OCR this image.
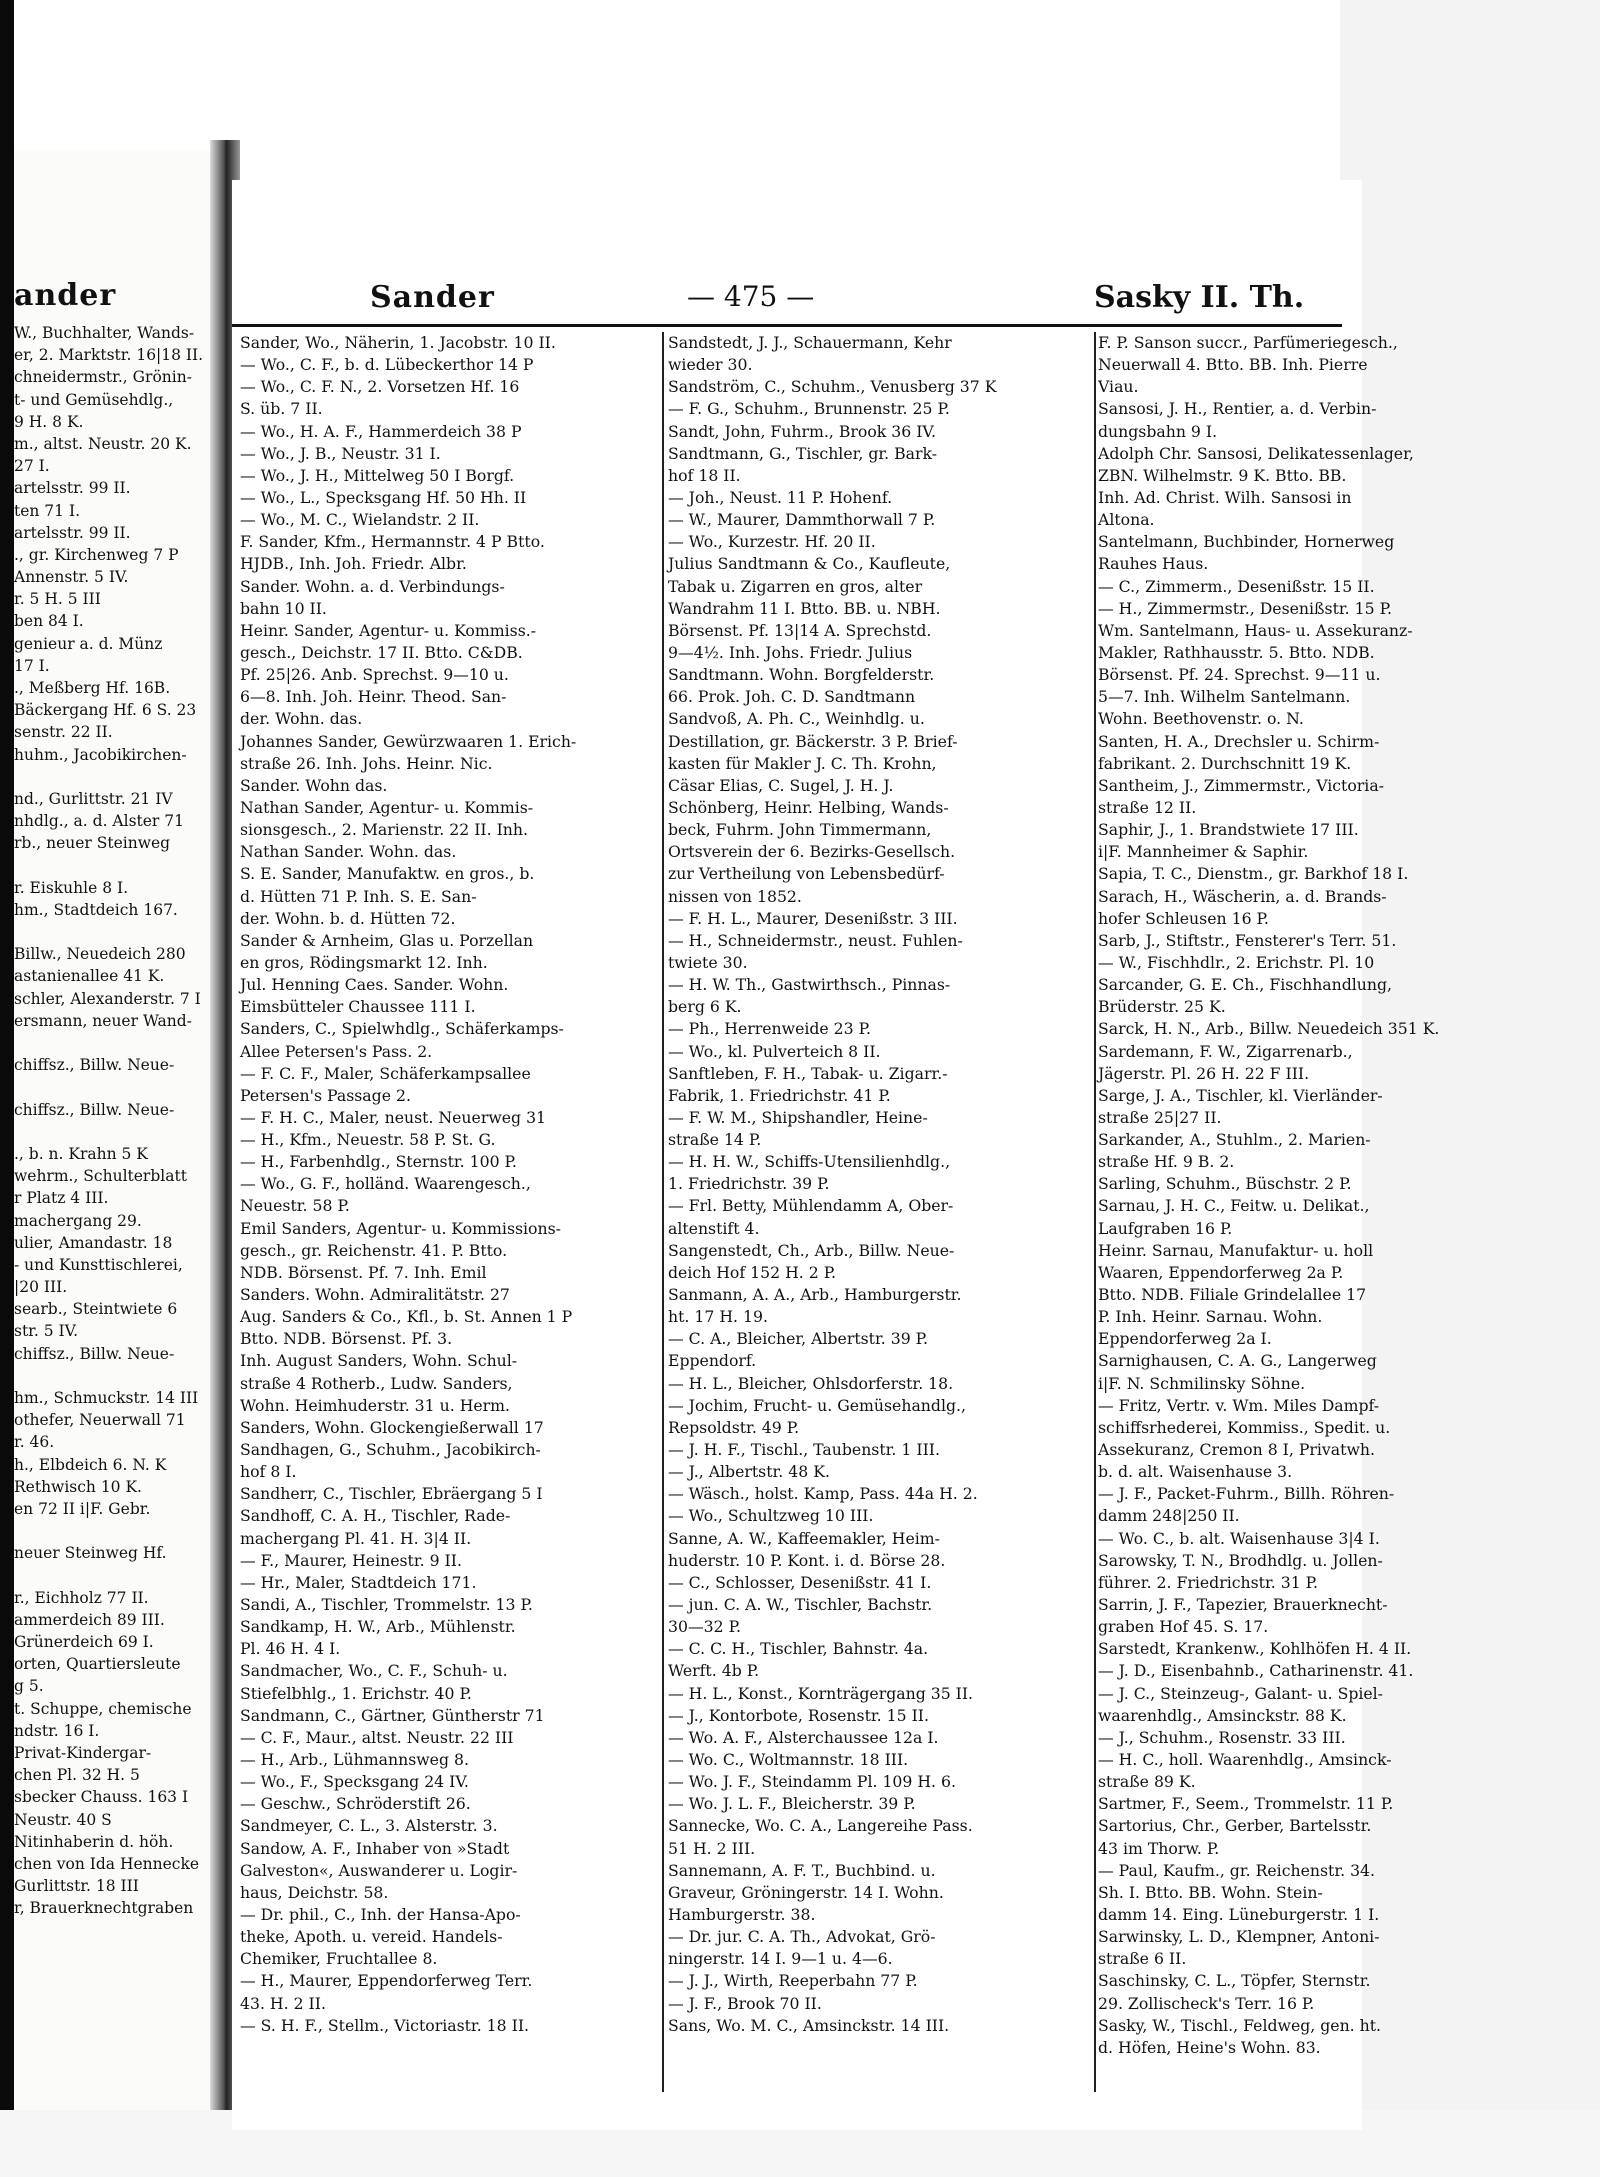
ander
W., Buchhalter, Wands-
er, 2. Marktstr. 16|18 II.
chneidermstr., Grönin-
t- und Gemüsehdlg.,
9 H. 8 K.
m., altst. Neustr. 20 K.
27 I.
artelsstr. 99 II.
ten 71 I.
artelsstr. 99 II.
., gr. Kirchenweg 7 P
Annenstr. 5 IV.
r. 5 H. 5 III
ben 84 I.
genieur a. d. Münz
17 I.
., Meßberg Hf. 16B.
Bäckergang Hf. 6 S. 23
senstr. 22 II.
huhm., Jacobikirchen-
nd., Gurlittstr. 21 IV
nhdlg., a. d. Alster 71
rb., neuer Steinweg
r. Eiskuhle 8 I.
hm., Stadtdeich 167.
Billw., Neuedeich 280
astanienallee 41 K.
schler, Alexanderstr. 7 I
ersmann, neuer Wand-
chiffsz., Billw. Neue-
chiffsz., Billw. Neue-
., b. n. Krahn 5 K
wehrm., Schulterblatt
r Platz 4 III.
machergang 29.
ulier, Amandastr. 18
- und Kunsttischlerei,
|20 III.
searb., Steintwiete 6
str. 5 IV.
chiffsz., Billw. Neue-
hm., Schmuckstr. 14 III
othefer, Neuerwall 71
r. 46.
h., Elbdeich 6. N. K
Rethwisch 10 K.
en 72 II i|F. Gebr.
neuer Steinweg Hf.
r., Eichholz 77 II.
ammerdeich 89 III.
Grünerdeich 69 I.
orten, Quartiersleute
g 5.
t. Schuppe, chemische
ndstr. 16 I.
Privat-Kindergar-
chen Pl. 32 H. 5
sbecker Chauss. 163 I
Neustr. 40 S
Nitinhaberin d. höh.
chen von Ida Hennecke
Gurlittstr. 18 III
r, Brauerknechtgraben
Sander	— 475 —	Sasky II. Th.
Sander, Wo., Näherin, 1. Jacobstr. 10 II.
— Wo., C. F., b. d. Lübeckerthor 14 P
— Wo., C. F. N., 2. Vorsetzen Hf. 16
S. üb. 7 II.
— Wo., H. A. F., Hammerdeich 38 P
— Wo., J. B., Neustr. 31 I.
— Wo., J. H., Mittelweg 50 I Borgf.
— Wo., L., Specksgang Hf. 50 Hh. II
— Wo., M. C., Wielandstr. 2 II.
F. Sander, Kfm., Hermannstr. 4 P Btto.
HJDB., Inh. Joh. Friedr. Albr.
Sander. Wohn. a. d. Verbindungs-
bahn 10 II.
Heinr. Sander, Agentur- u. Kommiss.-
gesch., Deichstr. 17 II. Btto. C&DB.
Pf. 25|26. Anb. Sprechst. 9—10 u.
6—8. Inh. Joh. Heinr. Theod. San-
der. Wohn. das.
Johannes Sander, Gewürzwaaren 1. Erich-
straße 26. Inh. Johs. Heinr. Nic.
Sander. Wohn das.
Nathan Sander, Agentur- u. Kommis-
sionsgesch., 2. Marienstr. 22 II. Inh.
Nathan Sander. Wohn. das.
S. E. Sander, Manufaktw. en gros., b.
d. Hütten 71 P. Inh. S. E. San-
der. Wohn. b. d. Hütten 72.
Sander & Arnheim, Glas u. Porzellan
en gros, Rödingsmarkt 12. Inh.
Jul. Henning Caes. Sander. Wohn.
Eimsbütteler Chaussee 111 I.
Sanders, C., Spielwhdlg., Schäferkamps-
Allee Petersen's Pass. 2.
— F. C. F., Maler, Schäferkampsallee
Petersen's Passage 2.
— F. H. C., Maler, neust. Neuerweg 31
— H., Kfm., Neuestr. 58 P. St. G.
— H., Farbenhdlg., Sternstr. 100 P.
— Wo., G. F., holländ. Waarengesch.,
Neuestr. 58 P.
Emil Sanders, Agentur- u. Kommissions-
gesch., gr. Reichenstr. 41. P. Btto.
NDB. Börsenst. Pf. 7. Inh. Emil
Sanders. Wohn. Admiralitätstr. 27
Aug. Sanders & Co., Kfl., b. St. Annen 1 P
Btto. NDB. Börsenst. Pf. 3.
Inh. August Sanders, Wohn. Schul-
straße 4 Rotherb., Ludw. Sanders,
Wohn. Heimhuderstr. 31 u. Herm.
Sanders, Wohn. Glockengießerwall 17
Sandhagen, G., Schuhm., Jacobikirch-
hof 8 I.
Sandherr, C., Tischler, Ebräergang 5 I
Sandhoff, C. A. H., Tischler, Rade-
machergang Pl. 41. H. 3|4 II.
— F., Maurer, Heinestr. 9 II.
— Hr., Maler, Stadtdeich 171.
Sandi, A., Tischler, Trommelstr. 13 P.
Sandkamp, H. W., Arb., Mühlenstr.
Pl. 46 H. 4 I.
Sandmacher, Wo., C. F., Schuh- u.
Stiefelbhlg., 1. Erichstr. 40 P.
Sandmann, C., Gärtner, Güntherstr 71
— C. F., Maur., altst. Neustr. 22 III
— H., Arb., Lühmannsweg 8.
— Wo., F., Specksgang 24 IV.
— Geschw., Schröderstift 26.
Sandmeyer, C. L., 3. Alsterstr. 3.
Sandow, A. F., Inhaber von »Stadt
Galveston«, Auswanderer u. Logir-
haus, Deichstr. 58.
— Dr. phil., C., Inh. der Hansa-Apo-
theke, Apoth. u. vereid. Handels-
Chemiker, Fruchtallee 8.
— H., Maurer, Eppendorferweg Terr.
43. H. 2 II.
— S. H. F., Stellm., Victoriastr. 18 II.
Sandstedt, J. J., Schauermann, Kehr
wieder 30.
Sandström, C., Schuhm., Venusberg 37 K
— F. G., Schuhm., Brunnenstr. 25 P.
Sandt, John, Fuhrm., Brook 36 IV.
Sandtmann, G., Tischler, gr. Bark-
hof 18 II.
— Joh., Neust. 11 P. Hohenf.
— W., Maurer, Dammthorwall 7 P.
— Wo., Kurzestr. Hf. 20 II.
Julius Sandtmann & Co., Kaufleute,
Tabak u. Zigarren en gros, alter
Wandrahm 11 I. Btto. BB. u. NBH.
Börsenst. Pf. 13|14 A. Sprechstd.
9—4½. Inh. Johs. Friedr. Julius
Sandtmann. Wohn. Borgfelderstr.
66. Prok. Joh. C. D. Sandtmann
Sandvoß, A. Ph. C., Weinhdlg. u.
Destillation, gr. Bäckerstr. 3 P. Brief-
kasten für Makler J. C. Th. Krohn,
Cäsar Elias, C. Sugel, J. H. J.
Schönberg, Heinr. Helbing, Wands-
beck, Fuhrm. John Timmermann,
Ortsverein der 6. Bezirks-Gesellsch.
zur Vertheilung von Lebensbedürf-
nissen von 1852.
— F. H. L., Maurer, Desenißstr. 3 III.
— H., Schneidermstr., neust. Fuhlen-
twiete 30.
— H. W. Th., Gastwirthsch., Pinnas-
berg 6 K.
— Ph., Herrenweide 23 P.
— Wo., kl. Pulverteich 8 II.
Sanftleben, F. H., Tabak- u. Zigarr.-
Fabrik, 1. Friedrichstr. 41 P.
— F. W. M., Shipshandler, Heine-
straße 14 P.
— H. H. W., Schiffs-Utensilienhdlg.,
1. Friedrichstr. 39 P.
— Frl. Betty, Mühlendamm A, Ober-
altenstift 4.
Sangenstedt, Ch., Arb., Billw. Neue-
deich Hof 152 H. 2 P.
Sanmann, A. A., Arb., Hamburgerstr.
ht. 17 H. 19.
— C. A., Bleicher, Albertstr. 39 P.
Eppendorf.
— H. L., Bleicher, Ohlsdorferstr. 18.
— Jochim, Frucht- u. Gemüsehandlg.,
Repsoldstr. 49 P.
— J. H. F., Tischl., Taubenstr. 1 III.
— J., Albertstr. 48 K.
— Wäsch., holst. Kamp, Pass. 44a H. 2.
— Wo., Schultzweg 10 III.
Sanne, A. W., Kaffeemakler, Heim-
huderstr. 10 P. Kont. i. d. Börse 28.
— C., Schlosser, Desenißstr. 41 I.
— jun. C. A. W., Tischler, Bachstr.
30—32 P.
— C. C. H., Tischler, Bahnstr. 4a.
Werft. 4b P.
— H. L., Konst., Kornträgergang 35 II.
— J., Kontorbote, Rosenstr. 15 II.
— Wo. A. F., Alsterchaussee 12a I.
— Wo. C., Woltmannstr. 18 III.
— Wo. J. F., Steindamm Pl. 109 H. 6.
— Wo. J. L. F., Bleicherstr. 39 P.
Sannecke, Wo. C. A., Langereihe Pass.
51 H. 2 III.
Sannemann, A. F. T., Buchbind. u.
Graveur, Gröningerstr. 14 I. Wohn.
Hamburgerstr. 38.
— Dr. jur. C. A. Th., Advokat, Grö-
ningerstr. 14 I. 9—1 u. 4—6.
— J. J., Wirth, Reeperbahn 77 P.
— J. F., Brook 70 II.
Sans, Wo. M. C., Amsinckstr. 14 III.
F. P. Sanson succr., Parfümeriegesch.,
Neuerwall 4. Btto. BB. Inh. Pierre
Viau.
Sansosi, J. H., Rentier, a. d. Verbin-
dungsbahn 9 I.
Adolph Chr. Sansosi, Delikatessenlager,
ZBN. Wilhelmstr. 9 K. Btto. BB.
Inh. Ad. Christ. Wilh. Sansosi in
Altona.
Santelmann, Buchbinder, Hornerweg
Rauhes Haus.
— C., Zimmerm., Desenißstr. 15 II.
— H., Zimmermstr., Desenißstr. 15 P.
Wm. Santelmann, Haus- u. Assekuranz-
Makler, Rathhausstr. 5. Btto. NDB.
Börsenst. Pf. 24. Sprechst. 9—11 u.
5—7. Inh. Wilhelm Santelmann.
Wohn. Beethovenstr. o. N.
Santen, H. A., Drechsler u. Schirm-
fabrikant. 2. Durchschnitt 19 K.
Santheim, J., Zimmermstr., Victoria-
straße 12 II.
Saphir, J., 1. Brandstwiete 17 III.
i|F. Mannheimer & Saphir.
Sapia, T. C., Dienstm., gr. Barkhof 18 I.
Sarach, H., Wäscherin, a. d. Brands-
hofer Schleusen 16 P.
Sarb, J., Stiftstr., Fensterer's Terr. 51.
— W., Fischhdlr., 2. Erichstr. Pl. 10
Sarcander, G. E. Ch., Fischhandlung,
Brüderstr. 25 K.
Sarck, H. N., Arb., Billw. Neuedeich 351 K.
Sardemann, F. W., Zigarrenarb.,
Jägerstr. Pl. 26 H. 22 F III.
Sarge, J. A., Tischler, kl. Vierländer-
straße 25|27 II.
Sarkander, A., Stuhlm., 2. Marien-
straße Hf. 9 B. 2.
Sarling, Schuhm., Büschstr. 2 P.
Sarnau, J. H. C., Feitw. u. Delikat.,
Laufgraben 16 P.
Heinr. Sarnau, Manufaktur- u. holl
Waaren, Eppendorferweg 2a P.
Btto. NDB. Filiale Grindelallee 17
P. Inh. Heinr. Sarnau. Wohn.
Eppendorferweg 2a I.
Sarnighausen, C. A. G., Langerweg
i|F. N. Schmilinsky Söhne.
— Fritz, Vertr. v. Wm. Miles Dampf-
schiffsrhederei, Kommiss., Spedit. u.
Assekuranz, Cremon 8 I, Privatwh.
b. d. alt. Waisenhause 3.
— J. F., Packet-Fuhrm., Billh. Röhren-
damm 248|250 II.
— Wo. C., b. alt. Waisenhause 3|4 I.
Sarowsky, T. N., Brodhdlg. u. Jollen-
führer. 2. Friedrichstr. 31 P.
Sarrin, J. F., Tapezier, Brauerknecht-
graben Hof 45. S. 17.
Sarstedt, Krankenw., Kohlhöfen H. 4 II.
— J. D., Eisenbahnb., Catharinenstr. 41.
— J. C., Steinzeug-, Galant- u. Spiel-
waarenhdlg., Amsinckstr. 88 K.
— J., Schuhm., Rosenstr. 33 III.
— H. C., holl. Waarenhdlg., Amsinck-
straße 89 K.
Sartmer, F., Seem., Trommelstr. 11 P.
Sartorius, Chr., Gerber, Bartelsstr.
43 im Thorw. P.
— Paul, Kaufm., gr. Reichenstr. 34.
Sh. I. Btto. BB. Wohn. Stein-
damm 14. Eing. Lüneburgerstr. 1 I.
Sarwinsky, L. D., Klempner, Antoni-
straße 6 II.
Saschinsky, C. L., Töpfer, Sternstr.
29. Zollischeck's Terr. 16 P.
Sasky, W., Tischl., Feldweg, gen. ht.
d. Höfen, Heine's Wohn. 83.
